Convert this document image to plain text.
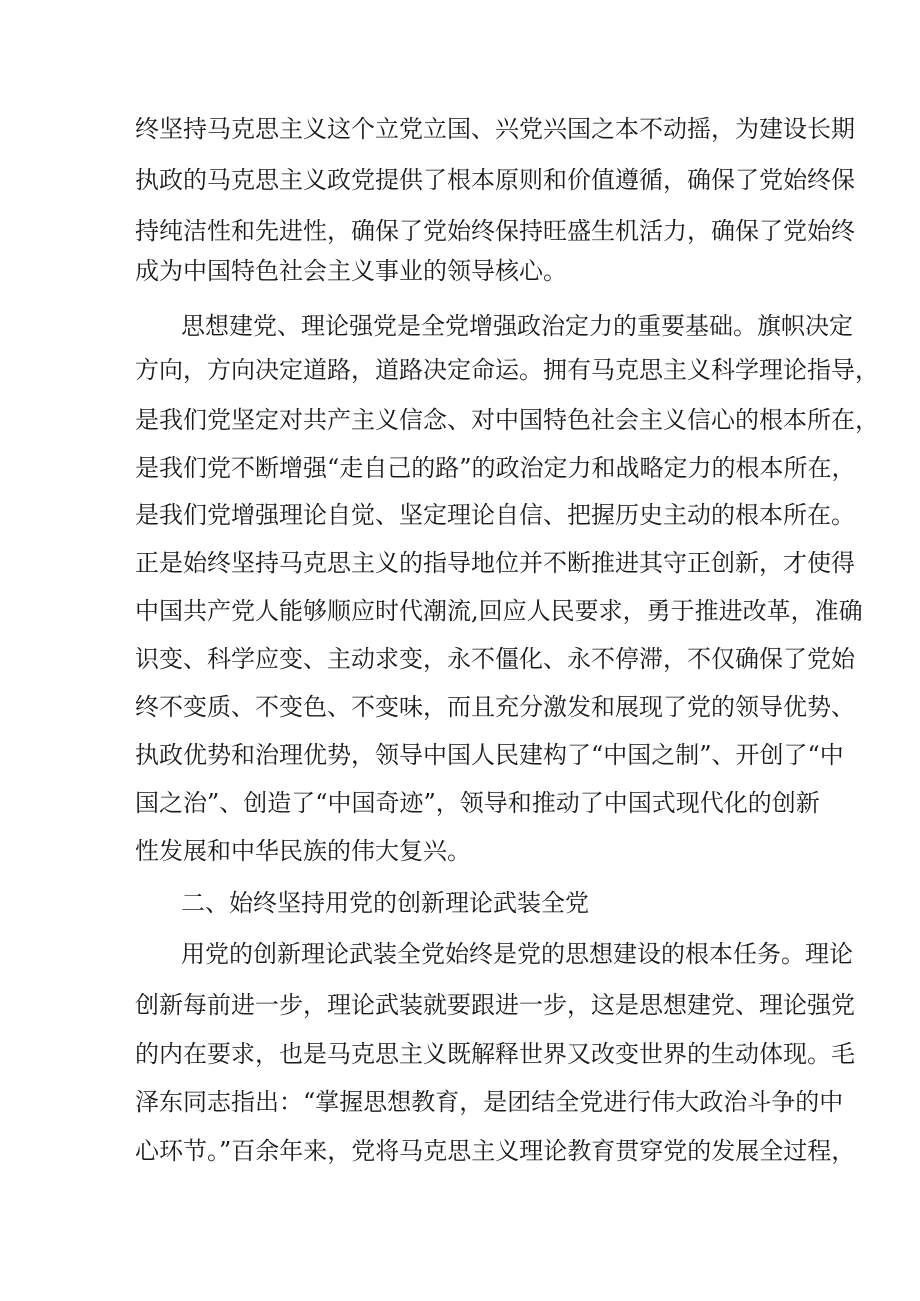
终坚持马克思主义这个立党立国、兴党兴国之本不动摇，为建设长期
执政的马克思主义政党提供了根本原则和价值遵循，确保了党始终保
持纯洁性和先进性，确保了党始终保持旺盛生机活力，确保了党始终
成为中国特色社会主义事业的领导核心。
思想建党、理论强党是全党增强政治定力的重要基础。旗帜决定
方向，方向决定道路，道路决定命运。拥有马克思主义科学理论指导，
是我们党坚定对共产主义信念、对中国特色社会主义信心的根本所在，
是我们党不断增强“走自己的路”的政治定力和战略定力的根本所在，
是我们党增强理论自觉、坚定理论自信、把握历史主动的根本所在。
正是始终坚持马克思主义的指导地位并不断推进其守正创新，才使得
中国共产党人能够顺应时代潮流,回应人民要求，勇于推进改革，准确
识变、科学应变、主动求变，永不僵化、永不停滞，不仅确保了党始
终不变质、不变色、不变味，而且充分激发和展现了党的领导优势、
执政优势和治理优势，领导中国人民建构了“中国之制”、开创了“中
国之治”、创造了“中国奇迹”，领导和推动了中国式现代化的创新
性发展和中华民族的伟大复兴。
二、始终坚持用党的创新理论武装全党
用党的创新理论武装全党始终是党的思想建设的根本任务。理论
创新每前进一步，理论武装就要跟进一步，这是思想建党、理论强党
的内在要求，也是马克思主义既解释世界又改变世界的生动体现。毛
泽东同志指出：“掌握思想教育，是团结全党进行伟大政治斗争的中
心环节。”百余年来，党将马克思主义理论教育贯穿党的发展全过程，
